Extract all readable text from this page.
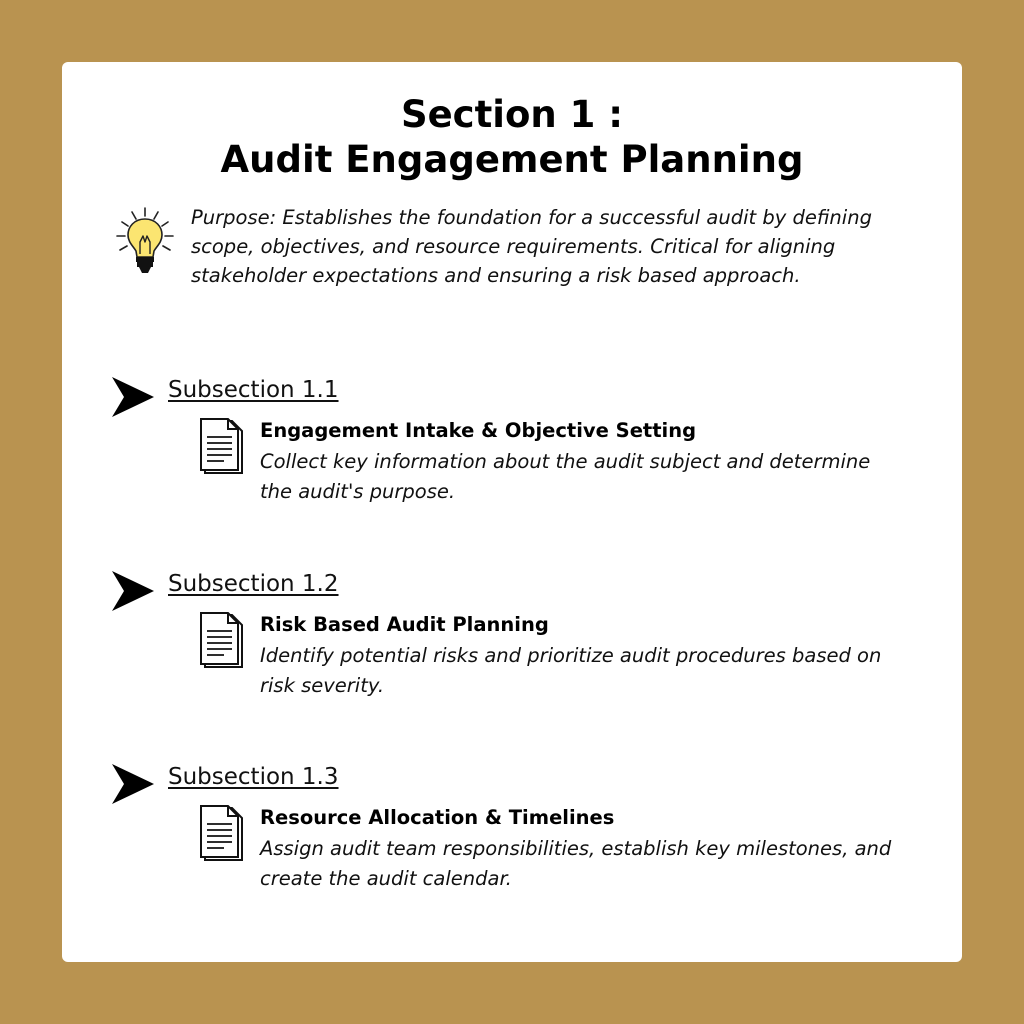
Section 1 :
Audit Engagement Planning
Purpose: Establishes the foundation for a successful audit by defining scope, objectives, and resource requirements. Critical for aligning stakeholder expectations and ensuring a risk based approach.
Subsection 1.1
Engagement Intake & Objective Setting
Collect key information about the audit subject and determine the audit's purpose.
Subsection 1.2
Risk Based Audit Planning
Identify potential risks and prioritize audit procedures based on risk severity.
Subsection 1.3
Resource Allocation & Timelines
Assign audit team responsibilities, establish key milestones, and create the audit calendar.
